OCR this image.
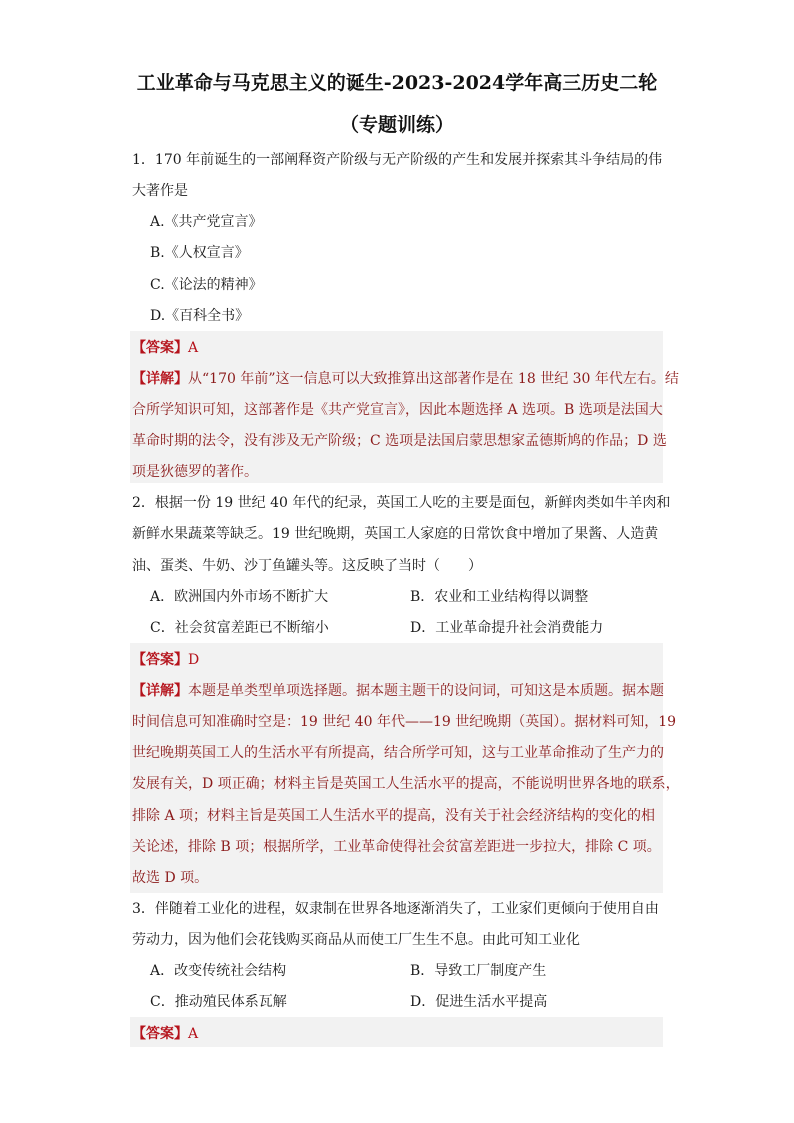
工业革命与马克思主义的诞生-2023-2024学年高三历史二轮
（专题训练）
1．170 年前诞生的一部阐释资产阶级与无产阶级的产生和发展并探索其斗争结局的伟
大著作是
A.《共产党宣言》
B.《人权宣言》
C.《论法的精神》
D.《百科全书》
【答案】A
【详解】从“170 年前”这一信息可以大致推算出这部著作是在 18 世纪 30 年代左右。结
合所学知识可知，这部著作是《共产党宣言》，因此本题选择 A 选项。B 选项是法国大
革命时期的法令，没有涉及无产阶级；C 选项是法国启蒙思想家孟德斯鸠的作品；D 选
项是狄德罗的著作。
2．根据一份 19 世纪 40 年代的纪录，英国工人吃的主要是面包，新鲜肉类如牛羊肉和
新鲜水果蔬菜等缺乏。19 世纪晚期，英国工人家庭的日常饮食中增加了果酱、人造黄
油、蛋类、牛奶、沙丁鱼罐头等。这反映了当时（　　）
A．欧洲国内外市场不断扩大	B．农业和工业结构得以调整
C．社会贫富差距已不断缩小	D．工业革命提升社会消费能力
【答案】D
【详解】本题是单类型单项选择题。据本题主题干的设问词，可知这是本质题。据本题
时间信息可知准确时空是：19 世纪 40 年代——19 世纪晚期（英国）。据材料可知，19
世纪晚期英国工人的生活水平有所提高，结合所学可知，这与工业革命推动了生产力的
发展有关，D 项正确；材料主旨是英国工人生活水平的提高，不能说明世界各地的联系，
排除 A 项；材料主旨是英国工人生活水平的提高，没有关于社会经济结构的变化的相
关论述，排除 B 项；根据所学，工业革命使得社会贫富差距进一步拉大，排除 C 项。
故选 D 项。
3．伴随着工业化的进程，奴隶制在世界各地逐渐消失了，工业家们更倾向于使用自由
劳动力，因为他们会花钱购买商品从而使工厂生生不息。由此可知工业化
A．改变传统社会结构	B．导致工厂制度产生
C．推动殖民体系瓦解	D．促进生活水平提高
【答案】A
